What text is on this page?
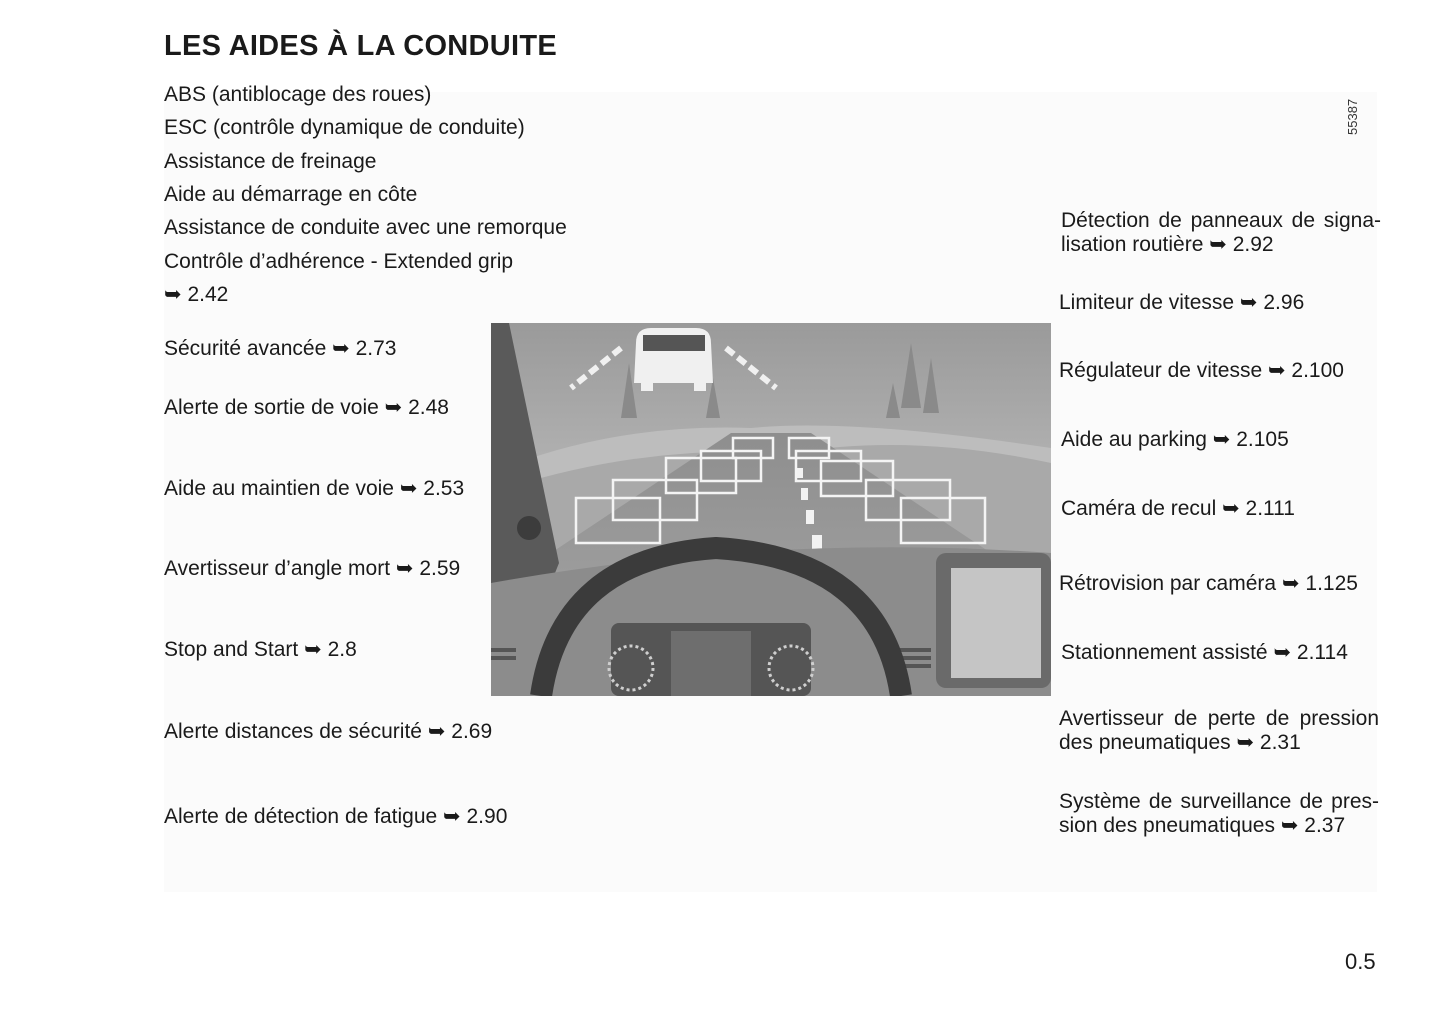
LES AIDES À LA CONDUITE
55387
ABS (antiblocage des roues)
ESC (contrôle dynamique de conduite)
Assistance de freinage
Aide au démarrage en côte
Assistance de conduite avec une remorque
Contrôle d’adhérence - Extended grip
➥ 2.42
Sécurité avancée ➥ 2.73
Alerte de sortie de voie ➥ 2.48
Aide au maintien de voie ➥ 2.53
Avertisseur d’angle mort ➥ 2.59
Stop and Start ➥ 2.8
Alerte distances de sécurité ➥ 2.69
Alerte de détection de fatigue ➥ 2.90
Détection de panneaux de signa-lisation routière ➥ 2.92
Limiteur de vitesse ➥ 2.96
Régulateur de vitesse ➥ 2.100
Aide au parking ➥ 2.105
Caméra de recul ➥ 2.111
Rétrovision par caméra ➥ 1.125
Stationnement assisté ➥ 2.114
Avertisseur de perte de pression des pneumatiques ➥ 2.31
Système de surveillance de pres-sion des pneumatiques ➥ 2.37
0.5
